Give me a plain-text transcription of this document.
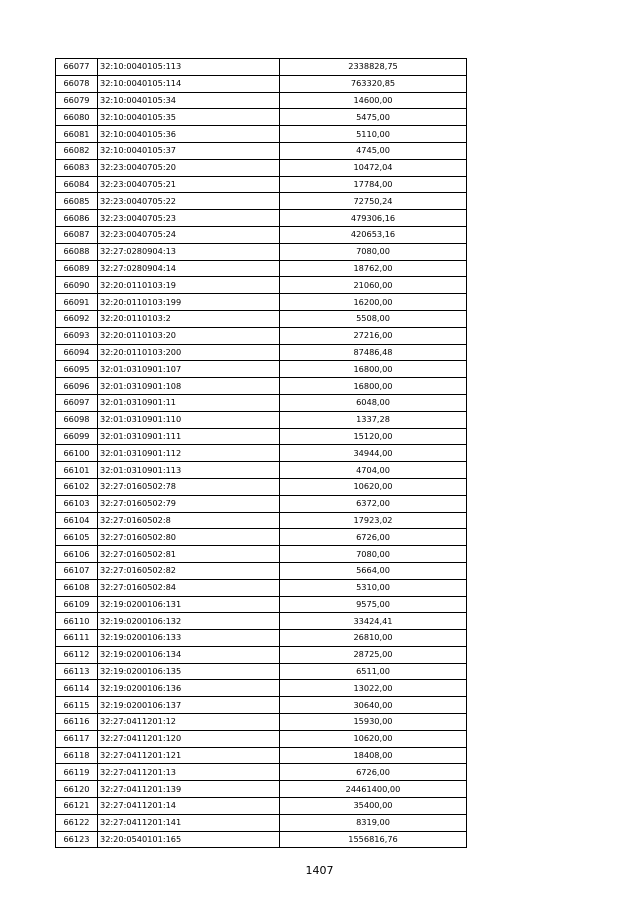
66077	32:10:0040105:113	2338828,75
66078	32:10:0040105:114	763320,85
66079	32:10:0040105:34	14600,00
66080	32:10:0040105:35	5475,00
66081	32:10:0040105:36	5110,00
66082	32:10:0040105:37	4745,00
66083	32:23:0040705:20	10472,04
66084	32:23:0040705:21	17784,00
66085	32:23:0040705:22	72750,24
66086	32:23:0040705:23	479306,16
66087	32:23:0040705:24	420653,16
66088	32:27:0280904:13	7080,00
66089	32:27:0280904:14	18762,00
66090	32:20:0110103:19	21060,00
66091	32:20:0110103:199	16200,00
66092	32:20:0110103:2	5508,00
66093	32:20:0110103:20	27216,00
66094	32:20:0110103:200	87486,48
66095	32:01:0310901:107	16800,00
66096	32:01:0310901:108	16800,00
66097	32:01:0310901:11	6048,00
66098	32:01:0310901:110	1337,28
66099	32:01:0310901:111	15120,00
66100	32:01:0310901:112	34944,00
66101	32:01:0310901:113	4704,00
66102	32:27:0160502:78	10620,00
66103	32:27:0160502:79	6372,00
66104	32:27:0160502:8	17923,02
66105	32:27:0160502:80	6726,00
66106	32:27:0160502:81	7080,00
66107	32:27:0160502:82	5664,00
66108	32:27:0160502:84	5310,00
66109	32:19:0200106:131	9575,00
66110	32:19:0200106:132	33424,41
66111	32:19:0200106:133	26810,00
66112	32:19:0200106:134	28725,00
66113	32:19:0200106:135	6511,00
66114	32:19:0200106:136	13022,00
66115	32:19:0200106:137	30640,00
66116	32:27:0411201:12	15930,00
66117	32:27:0411201:120	10620,00
66118	32:27:0411201:121	18408,00
66119	32:27:0411201:13	6726,00
66120	32:27:0411201:139	24461400,00
66121	32:27:0411201:14	35400,00
66122	32:27:0411201:141	8319,00
66123	32:20:0540101:165	1556816,76
1407
